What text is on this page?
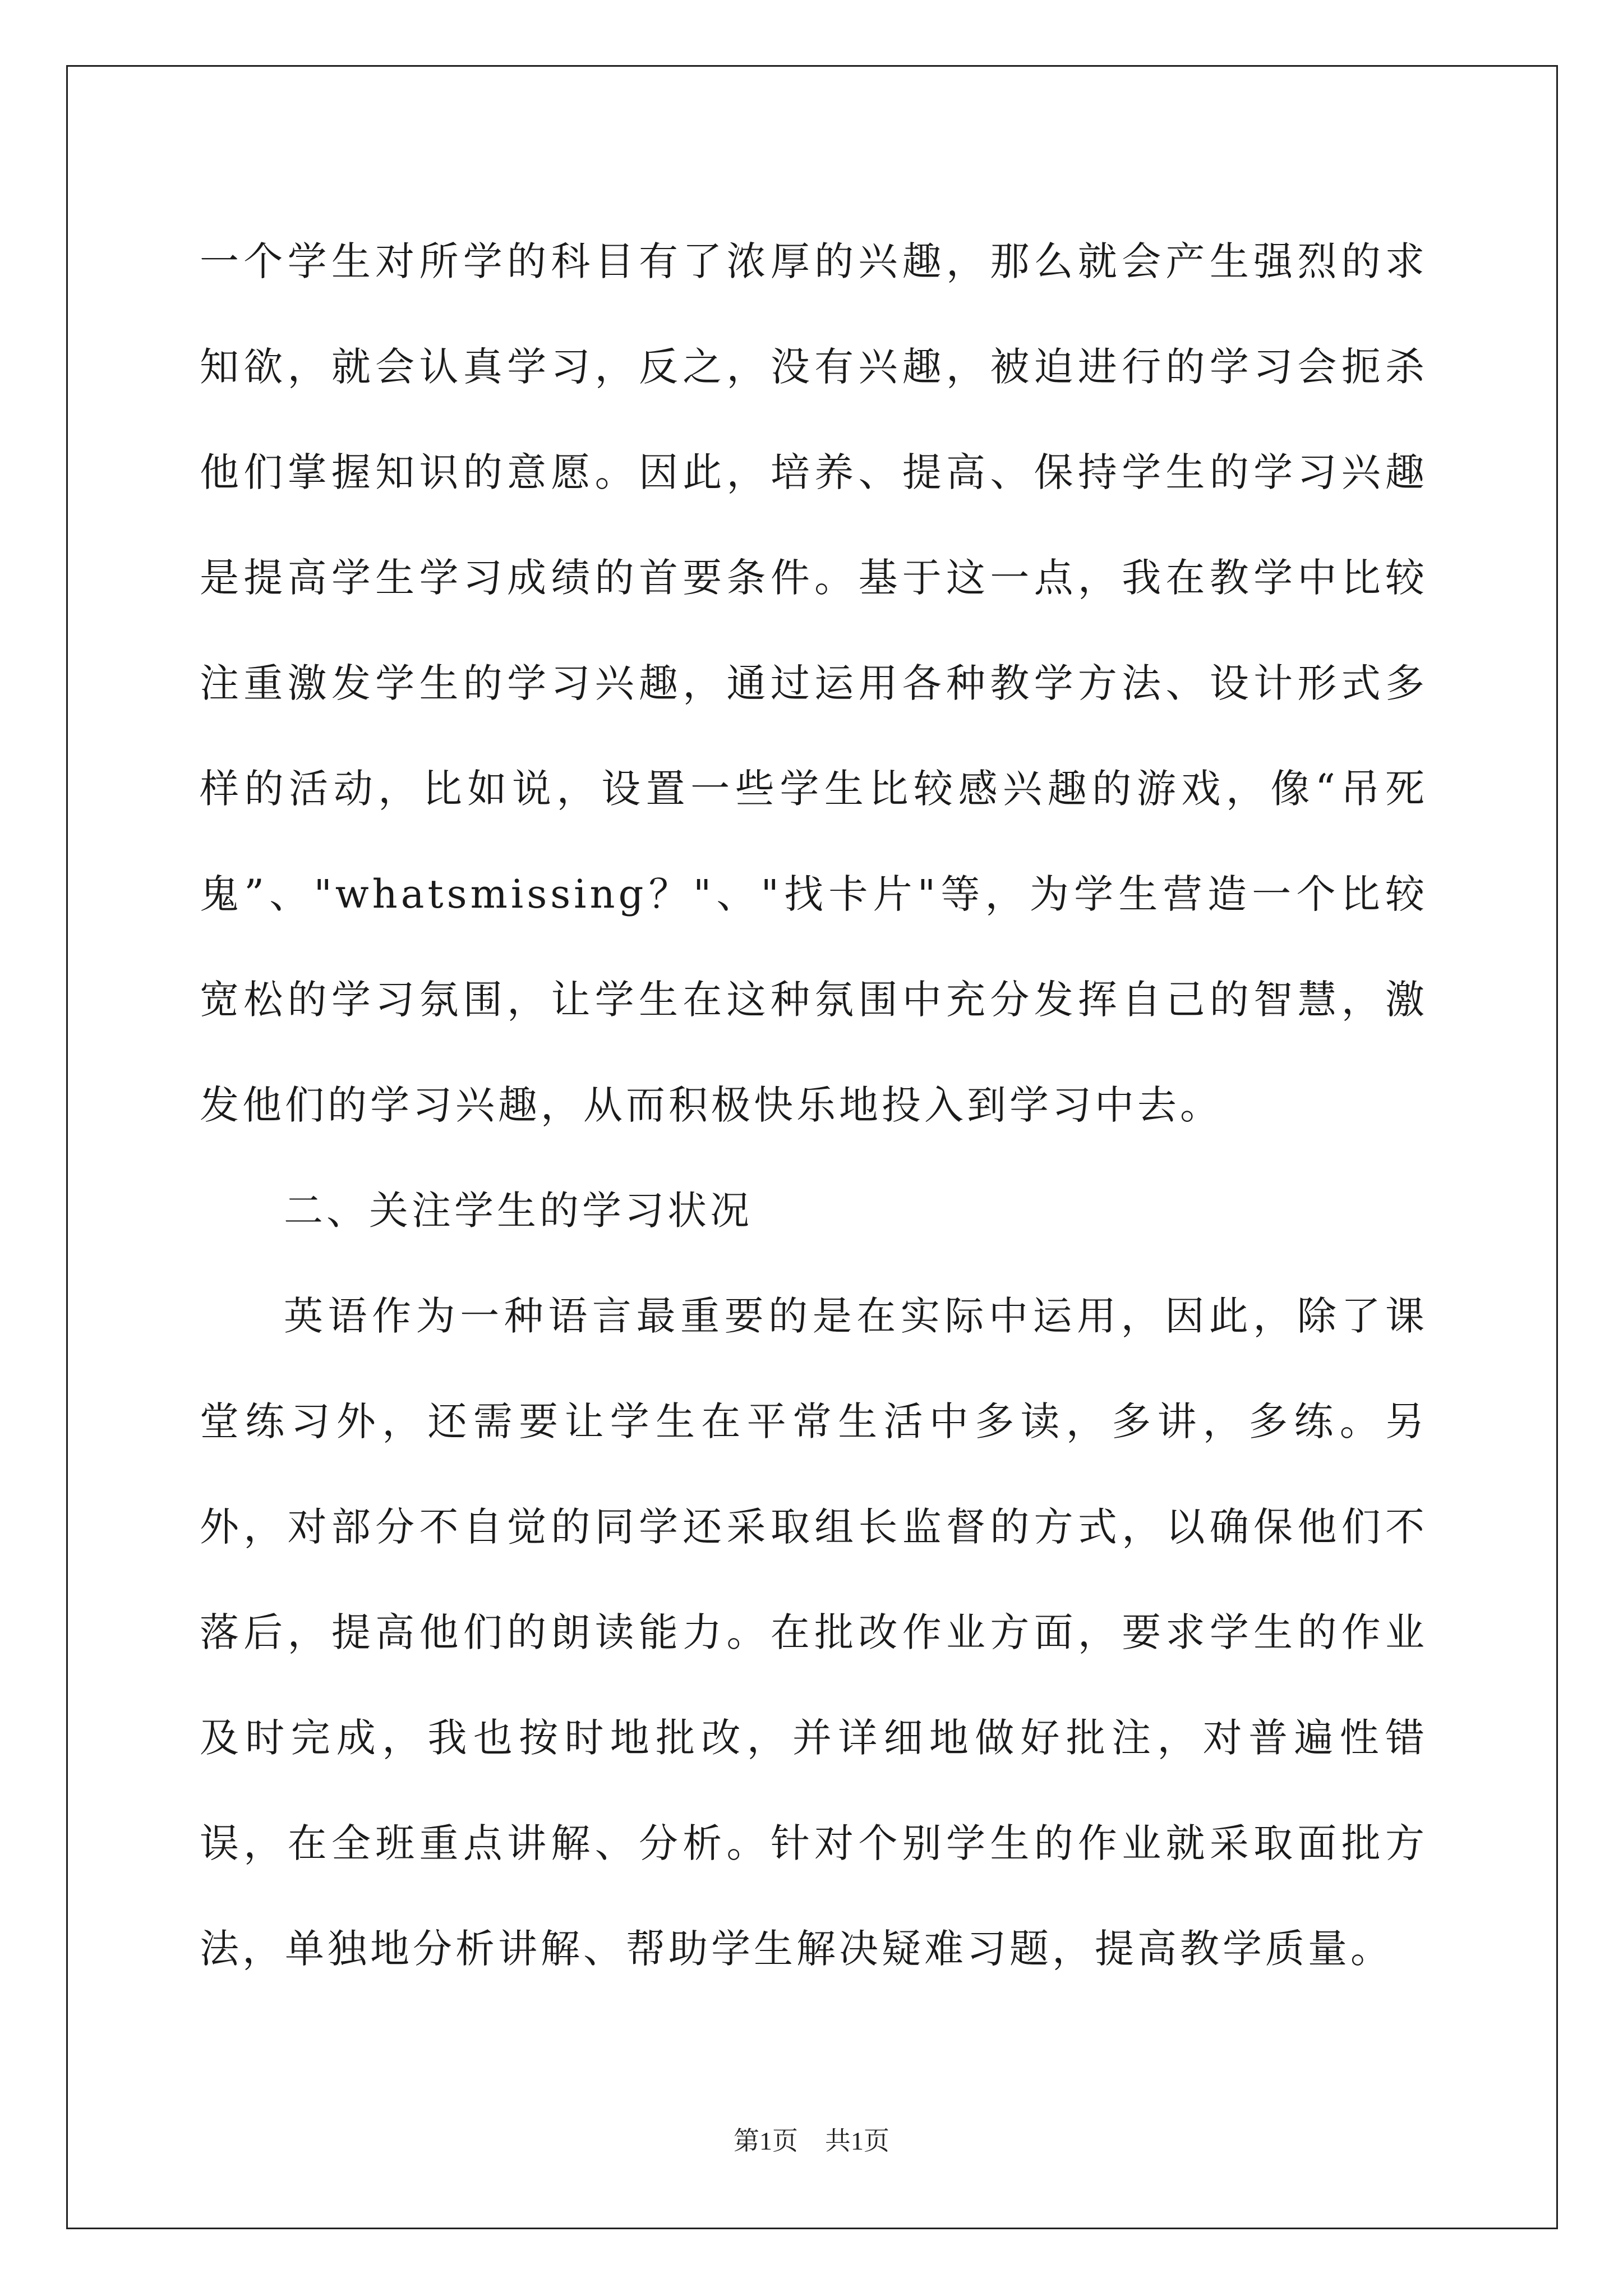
一个学生对所学的科目有了浓厚的兴趣，那么就会产生强烈的求知欲，就会认真学习，反之，没有兴趣，被迫进行的学习会扼杀他们掌握知识的意愿。因此，培养、提高、保持学生的学习兴趣是提高学生学习成绩的首要条件。基于这一点，我在教学中比较注重激发学生的学习兴趣，通过运用各种教学方法、设计形式多样的活动，比如说，设置一些学生比较感兴趣的游戏，像“吊死鬼”、"whatsmissing？"、"找卡片"等，为学生营造一个比较宽松的学习氛围，让学生在这种氛围中充分发挥自己的智慧，激发他们的学习兴趣，从而积极快乐地投入到学习中去。

二、关注学生的学习状况

英语作为一种语言最重要的是在实际中运用，因此，除了课堂练习外，还需要让学生在平常生活中多读，多讲，多练。另外，对部分不自觉的同学还采取组长监督的方式，以确保他们不落后，提高他们的朗读能力。在批改作业方面，要求学生的作业及时完成，我也按时地批改，并详细地做好批注，对普遍性错误，在全班重点讲解、分析。针对个别学生的作业就采取面批方法，单独地分析讲解、帮助学生解决疑难习题，提高教学质量。

第1页 共1页
